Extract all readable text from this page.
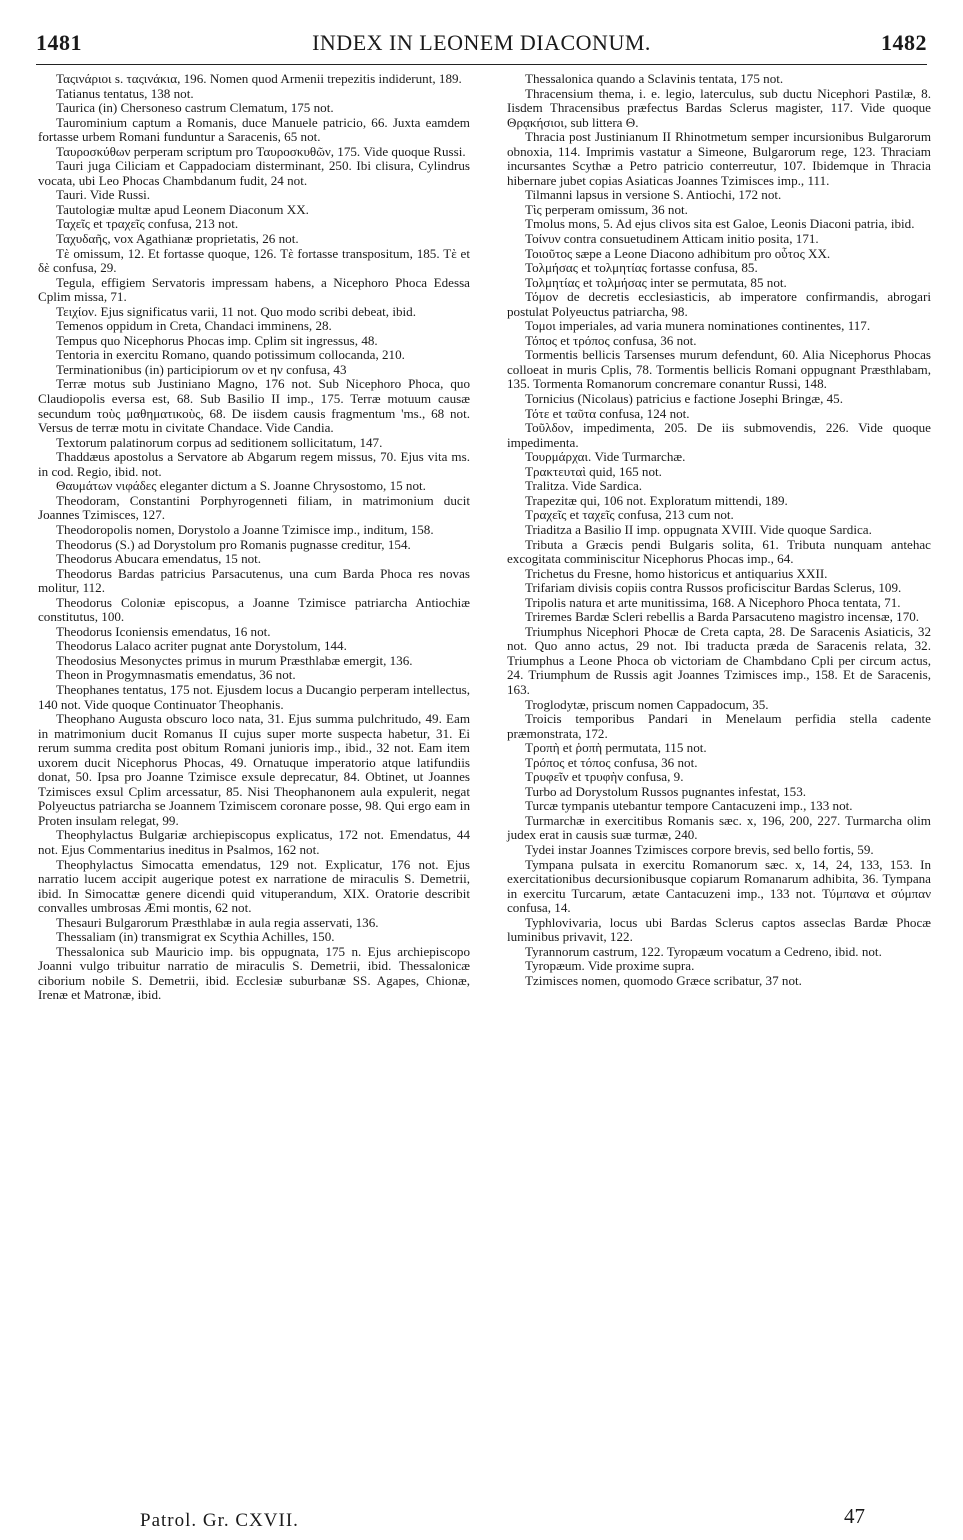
1481	INDEX IN LEONEM DIACONUM.	1482

Ταςινάριοι s. ταςινάκια, 196. Nomen quod Armenii trepezitis indiderunt, 189.

Tatianus tentatus, 138 not.

Taurica (in) Chersoneso castrum Clematum, 175 not.

Taurominium captum a Romanis, duce Manuele patricio, 66. Juxta eamdem fortasse urbem Romani funduntur a Saracenis, 65 not.

Ταυροσκύθων perperam scriptum pro Ταυροσκυθῶν, 175. Vide quoque Russi.

Tauri juga Ciliciam et Cappadociam disterminant, 250. Ibi clisura, Cylindrus vocata, ubi Leo Phocas Chambdanum fudit, 24 not.

Tauri. Vide Russi.

Tautologiæ multæ apud Leonem Diaconum XX.

Ταχεῖς et τραχεῖς confusa, 213 not.

Ταχυδαῆς, vox Agathianæ proprietatis, 26 not.

Tὲ omissum, 12. Et fortasse quoque, 126. Tὲ fortasse transpositum, 185. Tὲ et δὲ confusa, 29.

Tegula, effigiem Servatoris impressam habens, a Nicephoro Phoca Edessa Cplim missa, 71.

Τειχίον. Ejus significatus varii, 11 not. Quo modo scribi debeat, ibid.

Temenos oppidum in Creta, Chandaci imminens, 28.

Tempus quo Nicephorus Phocas imp. Cplim sit ingressus, 48.

Tentoria in exercitu Romano, quando potissimum collocanda, 210.

Terminationibus (in) participiorum ον et ην confusa, 43

Terræ motus sub Justiniano Magno, 176 not. Sub Nicephoro Phoca, quo Claudiopolis eversa est, 68. Sub Basilio II imp., 175. Terræ motuum causæ secundum τοὺς μαθηματικοὺς, 68. De iisdem causis fragmentum 'ms., 68 not. Versus de terræ motu in civitate Chandace. Vide Candia.

Textorum palatinorum corpus ad seditionem sollicitatum, 147.

Thaddæus apostolus a Servatore ab Abgarum regem missus, 70. Ejus vita ms. in cod. Regio, ibid. not.

Θαυμάτων νιφάδες eleganter dictum a S. Joanne Chrysostomo, 15 not.

Theodoram, Constantini Porphyrogenneti filiam, in matrimonium ducit Joannes Tzimisces, 127.

Theodoropolis nomen, Dorystolo a Joanne Tzimisce imp., inditum, 158.

Theodorus (S.) ad Dorystolum pro Romanis pugnasse creditur, 154.

Theodorus Abucara emendatus, 15 not.

Theodorus Bardas patricius Parsacutenus, una cum Barda Phoca res novas molitur, 112.

Theodorus Coloniæ episcopus, a Joanne Tzimisce patriarcha Antiochiæ constitutus, 100.

Theodorus Iconiensis emendatus, 16 not.

Theodorus Lalaco acriter pugnat ante Dorystolum, 144.

Theodosius Mesonyctes primus in murum Præsthlabæ emergit, 136.

Theon in Progymnasmatis emendatus, 36 not.

Theophanes tentatus, 175 not. Ejusdem locus a Ducangio perperam intellectus, 140 not. Vide quoque Continuator Theophanis.

Theophano Augusta obscuro loco nata, 31. Ejus summa pulchritudo, 49. Eam in matrimonium ducit Romanus II cujus super morte suspecta habetur, 31. Ei rerum summa credita post obitum Romani junioris imp., ibid., 32 not. Eam item uxorem ducit Nicephorus Phocas, 49. Ornatuque imperatorio atque latifundiis donat, 50. Ipsa pro Joanne Tzimisce exsule deprecatur, 84. Obtinet, ut Joannes Tzimisces exsul Cplim arcessatur, 85. Nisi Theophanonem aula expulerit, negat Polyeuctus patriarcha se Joannem Tzimiscem coronare posse, 98. Qui ergo eam in Proten insulam relegat, 99.

Theophylactus Bulgariæ archiepiscopus explicatus, 172 not. Emendatus, 44 not. Ejus Commentarius ineditus in Psalmos, 162 not.

Theophylactus Simocatta emendatus, 129 not. Explicatur, 176 not. Ejus narratio lucem accipit augerique potest ex narratione de miraculis S. Demetrii, ibid. In Simocattæ genere dicendi quid vituperandum, XIX. Oratorie describit convalles umbrosas Æmi montis, 62 not.

Thesauri Bulgarorum Præsthlabæ in aula regia asservati, 136.

Thessaliam (in) transmigrat ex Scythia Achilles, 150.

Thessalonica sub Mauricio imp. bis oppugnata, 175 n. Ejus archiepiscopo Joanni vulgo tribuitur narratio de miraculis S. Demetrii, ibid. Thessalonicæ ciborium nobile S. Demetrii, ibid. Ecclesiæ suburbanæ SS. Agapes, Chionæ, Irenæ et Matronæ, ibid.

Thessalonica quando a Sclavinis tentata, 175 not.

Thracensium thema, i. e. legio, laterculus, sub ductu Nicephori Pastilæ, 8. Iisdem Thracensibus præfectus Bardas Sclerus magister, 117. Vide quoque Θρᾳκήσιοι, sub littera Θ.

Thracia post Justinianum II Rhinotmetum semper incursionibus Bulgarorum obnoxia, 114. Imprimis vastatur a Simeone, Bulgarorum rege, 123. Thraciam incursantes Scythæ a Petro patricio conterreutur, 107. Ibidemque in Thracia hibernare jubet copias Asiaticas Joannes Tzimisces imp., 111.

Tilmanni lapsus in versione S. Antiochi, 172 not.

Τὶς perperam omissum, 36 not.

Tmolus mons, 5. Ad ejus clivos sita est Galoe, Leonis Diaconi patria, ibid.

Τοίνυν contra consuetudinem Atticam initio posita, 171.

Τοιοῦτος sæpe a Leone Diacono adhibitum pro οὗτος XX.

Τολμήσας et τολμητίας fortasse confusa, 85.

Τολμητίας et τολμήσας inter se permutata, 85 not.

Τόμον de decretis ecclesiasticis, ab imperatore confirmandis, abrogari postulat Polyeuctus patriarcha, 98.

Τομοι imperiales, ad varia munera nominationes continentes, 117.

Τόπος et τρόπος confusa, 36 not.

Tormentis bellicis Tarsenses murum defendunt, 60. Alia Nicephorus Phocas colloeat in muris Cplis, 78. Tormentis bellicis Romani oppugnant Præsthlabam, 135. Tormenta Romanorum concremare conantur Russi, 148.

Tornicius (Nicolaus) patricius e factione Josephi Bringæ, 45.

Τότε et ταῦτα confusa, 124 not.

Τοῦλδον, impedimenta, 205. De iis submovendis, 226. Vide quoque impedimenta.

Τουρμάρχαι. Vide Turmarchæ.

Τρακτευταὶ quid, 165 not.

Tralitza. Vide Sardica.

Trapezitæ qui, 106 not. Exploratum mittendi, 189.

Τραχεῖς et ταχεῖς confusa, 213 cum not.

Triaditza a Basilio II imp. oppugnata XVIII. Vide quoque Sardica.

Tributa a Græcis pendi Bulgaris solita, 61. Tributa nunquam antehac excogitata comminiscitur Nicephorus Phocas imp., 64.

Trichetus du Fresne, homo historicus et antiquarius XXII.

Trifariam divisis copiis contra Russos proficiscitur Bardas Sclerus, 109.

Tripolis natura et arte munitissima, 168. A Nicephoro Phoca tentata, 71.

Triremes Bardæ Scleri rebellis a Barda Parsacuteno magistro incensæ, 170.

Triumphus Nicephori Phocæ de Creta capta, 28. De Saracenis Asiaticis, 32 not. Quo anno actus, 29 not. Ibi traducta præda de Saracenis relata, 32. Triumphus a Leone Phoca ob victoriam de Chambdano Cpli per circum actus, 24. Triumphum de Russis agit Joannes Tzimisces imp., 158. Et de Saracenis, 163.

Troglodytæ, priscum nomen Cappadocum, 35.

Troicis temporibus Pandari in Menelaum perfidia stella cadente præmonstrata, 172.

Τροπὴ et ῥοπὴ permutata, 115 not.

Τρόπος et τόπος confusa, 36 not.

Τρυφεῖν et τρυφὴν confusa, 9.

Turbo ad Dorystolum Russos pugnantes infestat, 153.

Turcæ tympanis utebantur tempore Cantacuzeni imp., 133 not.

Turmarchæ in exercitibus Romanis sæc. x, 196, 200, 227. Turmarcha olim judex erat in causis suæ turmæ, 240.

Tydei instar Joannes Tzimisces corpore brevis, sed bello fortis, 59.

Tympana pulsata in exercitu Romanorum sæc. x, 14, 24, 133, 153. In exercitationibus decursionibusque copiarum Romanarum adhibita, 36. Tympana in exercitu Turcarum, ætate Cantacuzeni imp., 133 not. Τύμπανα et σύμπαν confusa, 14.

Typhlovivaria, locus ubi Bardas Sclerus captos asseclas Bardæ Phocæ luminibus privavit, 122.

Tyrannorum castrum, 122. Tyropæum vocatum a Cedreno, ibid. not.

Tyropæum. Vide proxime supra.

Tzimisces nomen, quomodo Græce scribatur, 37 not.

Patrol. Gr. CXVII.	47
